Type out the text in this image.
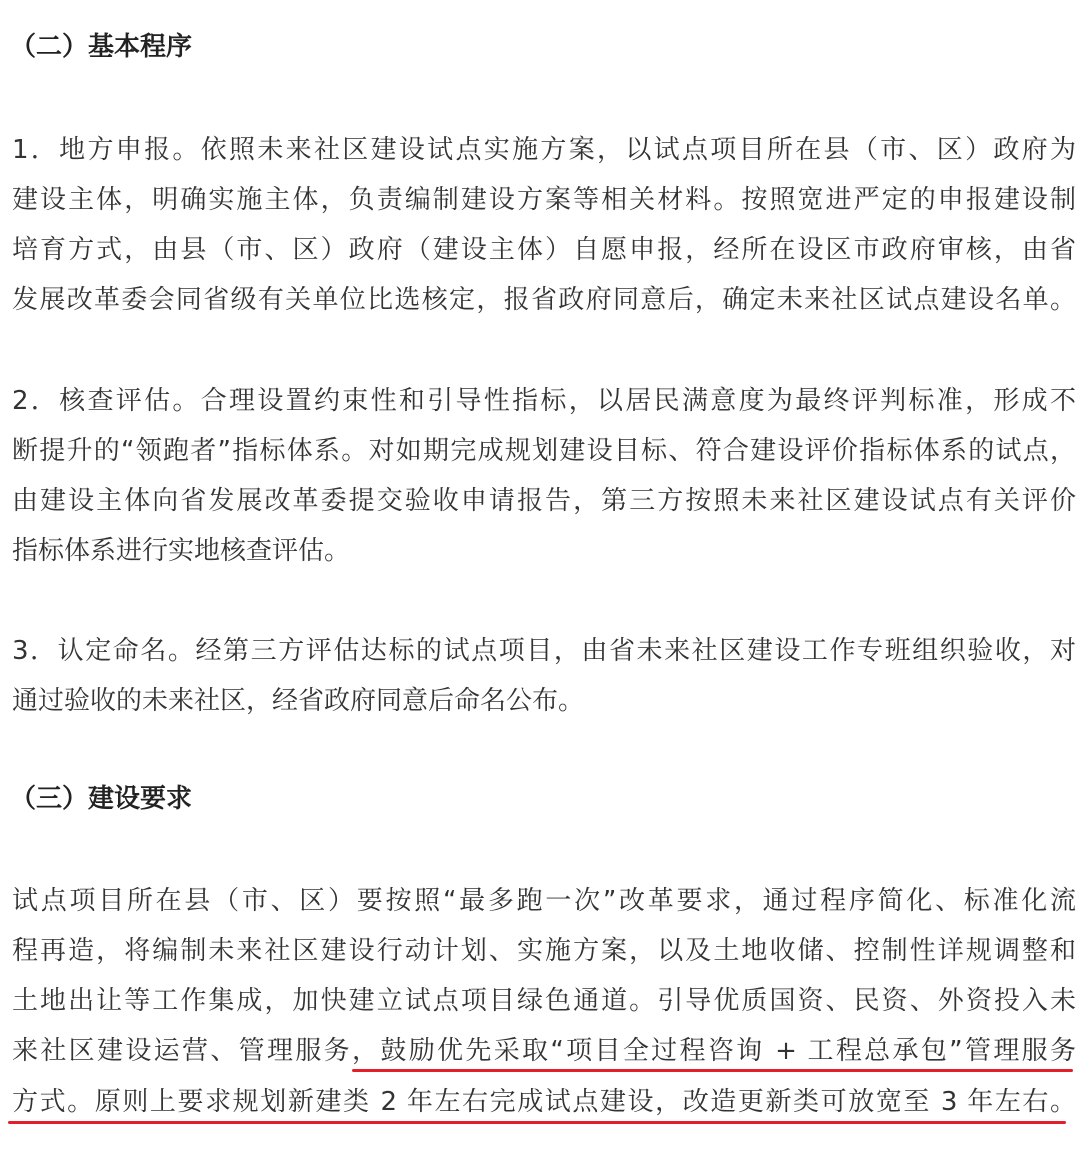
（二）基本程序
1．地方申报。依照未来社区建设试点实施方案，以试点项目所在县（市、区）政府为
建设主体，明确实施主体，负责编制建设方案等相关材料。按照宽进严定的申报建设制
培育方式，由县（市、区）政府（建设主体）自愿申报，经所在设区市政府审核，由省
发展改革委会同省级有关单位比选核定，报省政府同意后，确定未来社区试点建设名单。
2．核查评估。合理设置约束性和引导性指标，以居民满意度为最终评判标准，形成不
断提升的“领跑者”指标体系。对如期完成规划建设目标、符合建设评价指标体系的试点，
由建设主体向省发展改革委提交验收申请报告，第三方按照未来社区建设试点有关评价
指标体系进行实地核查评估。
3．认定命名。经第三方评估达标的试点项目，由省未来社区建设工作专班组织验收，对
通过验收的未来社区，经省政府同意后命名公布。
（三）建设要求
试点项目所在县（市、区）要按照“最多跑一次”改革要求，通过程序简化、标准化流
程再造，将编制未来社区建设行动计划、实施方案，以及土地收储、控制性详规调整和
土地出让等工作集成，加快建立试点项目绿色通道。引导优质国资、民资、外资投入未
来社区建设运营、管理服务，鼓励优先采取“项目全过程咨询 + 工程总承包”管理服务
方式。原则上要求规划新建类 2 年左右完成试点建设，改造更新类可放宽至 3 年左右。
